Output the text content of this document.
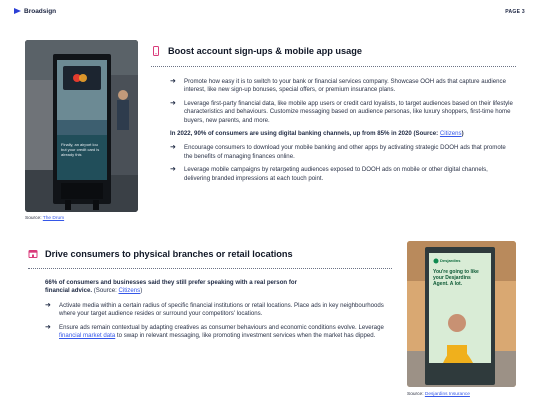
Broadsign	PAGE 3
Finally, an airport lou but your credit card is already this
Source: The Drum
Boost account sign-ups & mobile app usage
➜ Promote how easy it is to switch to your bank or financial services company. Showcase OOH ads that capture audience interest, like new sign-up bonuses, special offers, or premium insurance plans.
➜ Leverage first-party financial data, like mobile app users or credit card loyalists, to target audiences based on their lifestyle characteristics and behaviours. Customize messaging based on audience personas, like luxury shoppers, first-time home buyers, new parents, and more.
In 2022, 90% of consumers are using digital banking channels, up from 85% in 2020 (Source: Citizens)
➜ Encourage consumers to download your mobile banking and other apps by activating strategic DOOH ads that promote the benefits of managing finances online.
➜ Leverage mobile campaigns by retargeting audiences exposed to DOOH ads on mobile or other digital channels, delivering branded impressions at each touch point.
Drive consumers to physical branches or retail locations
66% of consumers and businesses said they still prefer speaking with a real person for financial advice. (Source: Citizens)
➜ Activate media within a certain radius of specific financial institutions or retail locations. Place ads in key neighbourhoods where your target audience resides or surround your competitors' locations.
➜ Ensure ads remain contextual by adapting creatives as consumer behaviours and economic conditions evolve. Leverage financial market data to swap in relevant messaging, like promoting investment services when the market has dipped.
Desjardins
You're going to like your Desjardins Agent. A lot.
Source: Desjardins Insurance
